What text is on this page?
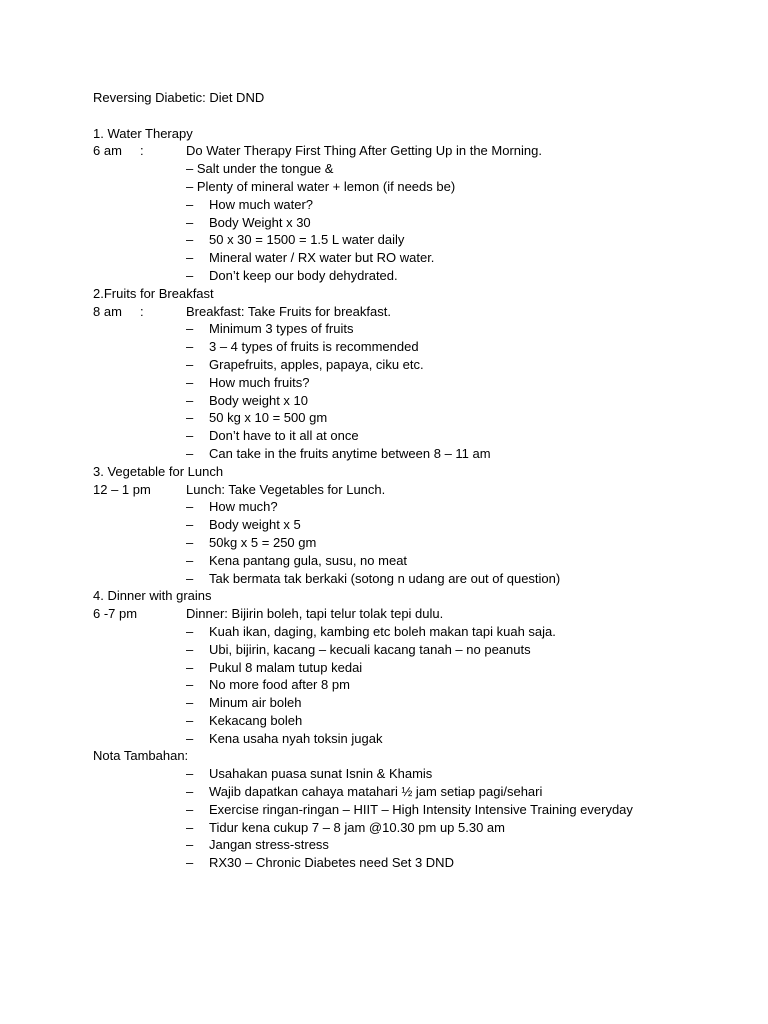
Reversing Diabetic: Diet DND
1. Water Therapy
6 am :	Do Water Therapy First Thing After Getting Up in the Morning.
– Salt under the tongue &
– Plenty of mineral water + lemon (if needs be)
– How much water?
– Body Weight x 30
– 50 x 30 = 1500 = 1.5 L water daily
– Mineral water / RX water but RO water.
– Don’t keep our body dehydrated.
2.Fruits for Breakfast
8 am :	Breakfast: Take Fruits for breakfast.
– Minimum 3 types of fruits
– 3 – 4 types of fruits is recommended
– Grapefruits, apples, papaya, ciku etc.
– How much fruits?
– Body weight x 10
– 50 kg x 10 = 500 gm
– Don’t have to it all at once
– Can take in the fruits anytime between 8 – 11 am
3. Vegetable for Lunch
12 – 1 pm	Lunch: Take Vegetables for Lunch.
– How much?
– Body weight x 5
– 50kg x 5 = 250 gm
– Kena pantang gula, susu, no meat
– Tak bermata tak berkaki (sotong n udang are out of question)
4. Dinner with grains
6 -7 pm	Dinner: Bijirin boleh, tapi telur tolak tepi dulu.
– Kuah ikan, daging, kambing etc boleh makan tapi kuah saja.
– Ubi, bijirin, kacang – kecuali kacang tanah – no peanuts
– Pukul 8 malam tutup kedai
– No more food after 8 pm
– Minum air boleh
– Kekacang boleh
– Kena usaha nyah toksin jugak
Nota Tambahan:
– Usahakan puasa sunat Isnin & Khamis
– Wajib dapatkan cahaya matahari ½ jam setiap pagi/sehari
– Exercise ringan-ringan – HIIT – High Intensity Intensive Training everyday
– Tidur kena cukup 7 – 8 jam @10.30 pm up 5.30 am
– Jangan stress-stress
– RX30 – Chronic Diabetes need Set 3 DND
